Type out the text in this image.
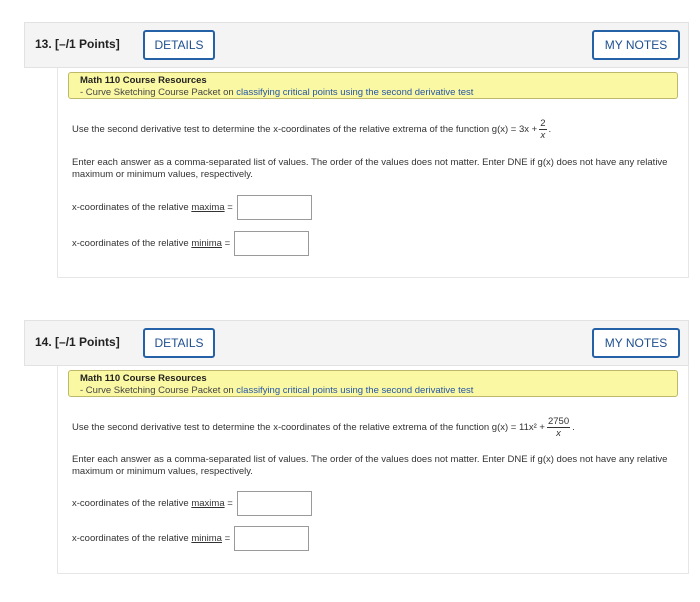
13. [–/1 Points]	DETAILS	MY NOTES
Math 110 Course Resources
- Curve Sketching Course Packet on classifying critical points using the second derivative test
Use the second derivative test to determine the x-coordinates of the relative extrema of the function $g(x) = 3x + \frac{2}{x}$ .
Enter each answer as a comma-separated list of values. The order of the values does not matter. Enter DNE if g(x) does not have any relative maximum or minimum values, respectively.
x-coordinates of the relative maxima =
x-coordinates of the relative minima =
14. [–/1 Points]	DETAILS	MY NOTES
Math 110 Course Resources
- Curve Sketching Course Packet on classifying critical points using the second derivative test
Use the second derivative test to determine the x-coordinates of the relative extrema of the function $g(x) = 11x^2 + \frac{2750}{x}$ .
Enter each answer as a comma-separated list of values. The order of the values does not matter. Enter DNE if g(x) does not have any relative maximum or minimum values, respectively.
x-coordinates of the relative maxima =
x-coordinates of the relative minima =
